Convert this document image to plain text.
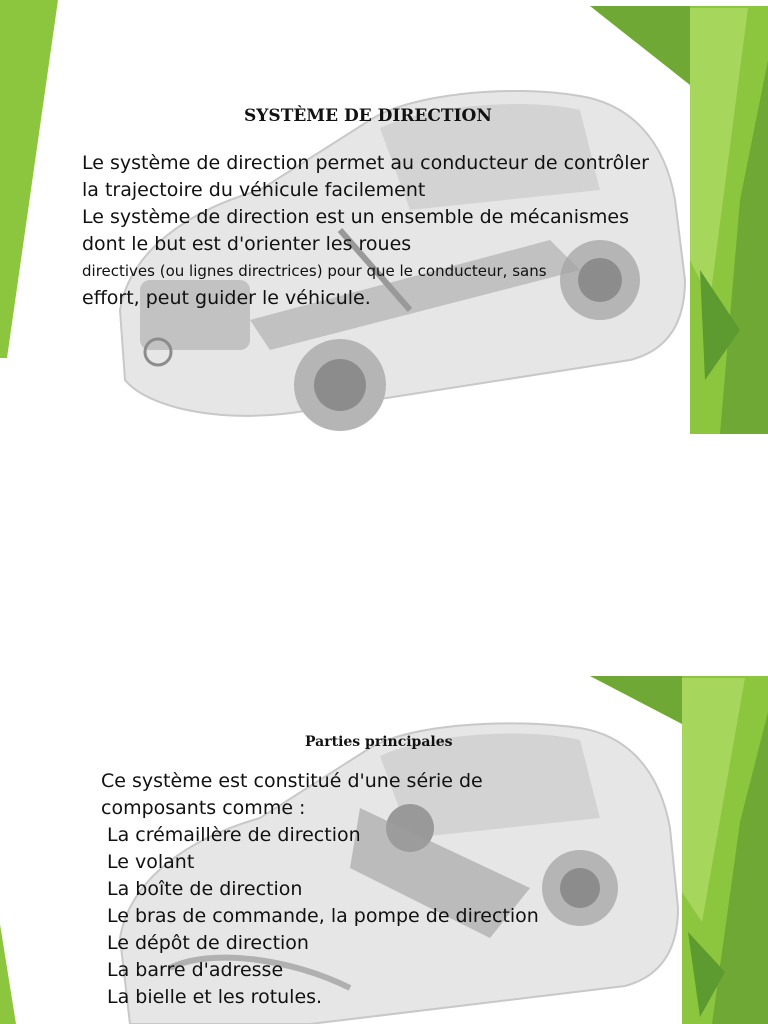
SYSTÈME DE DIRECTION
Le système de direction permet au conducteur de contrôler
la trajectoire du véhicule facilement
Le système de direction est un ensemble de mécanismes
dont le but est d'orienter les roues
directives (ou lignes directrices) pour que le conducteur, sans
effort, peut guider le véhicule.
Parties principales
Ce système est constitué d'une série de
composants comme :
La crémaillère de direction
Le volant
La boîte de direction
Le bras de commande, la pompe de direction
Le dépôt de direction
La barre d'adresse
La bielle et les rotules.
